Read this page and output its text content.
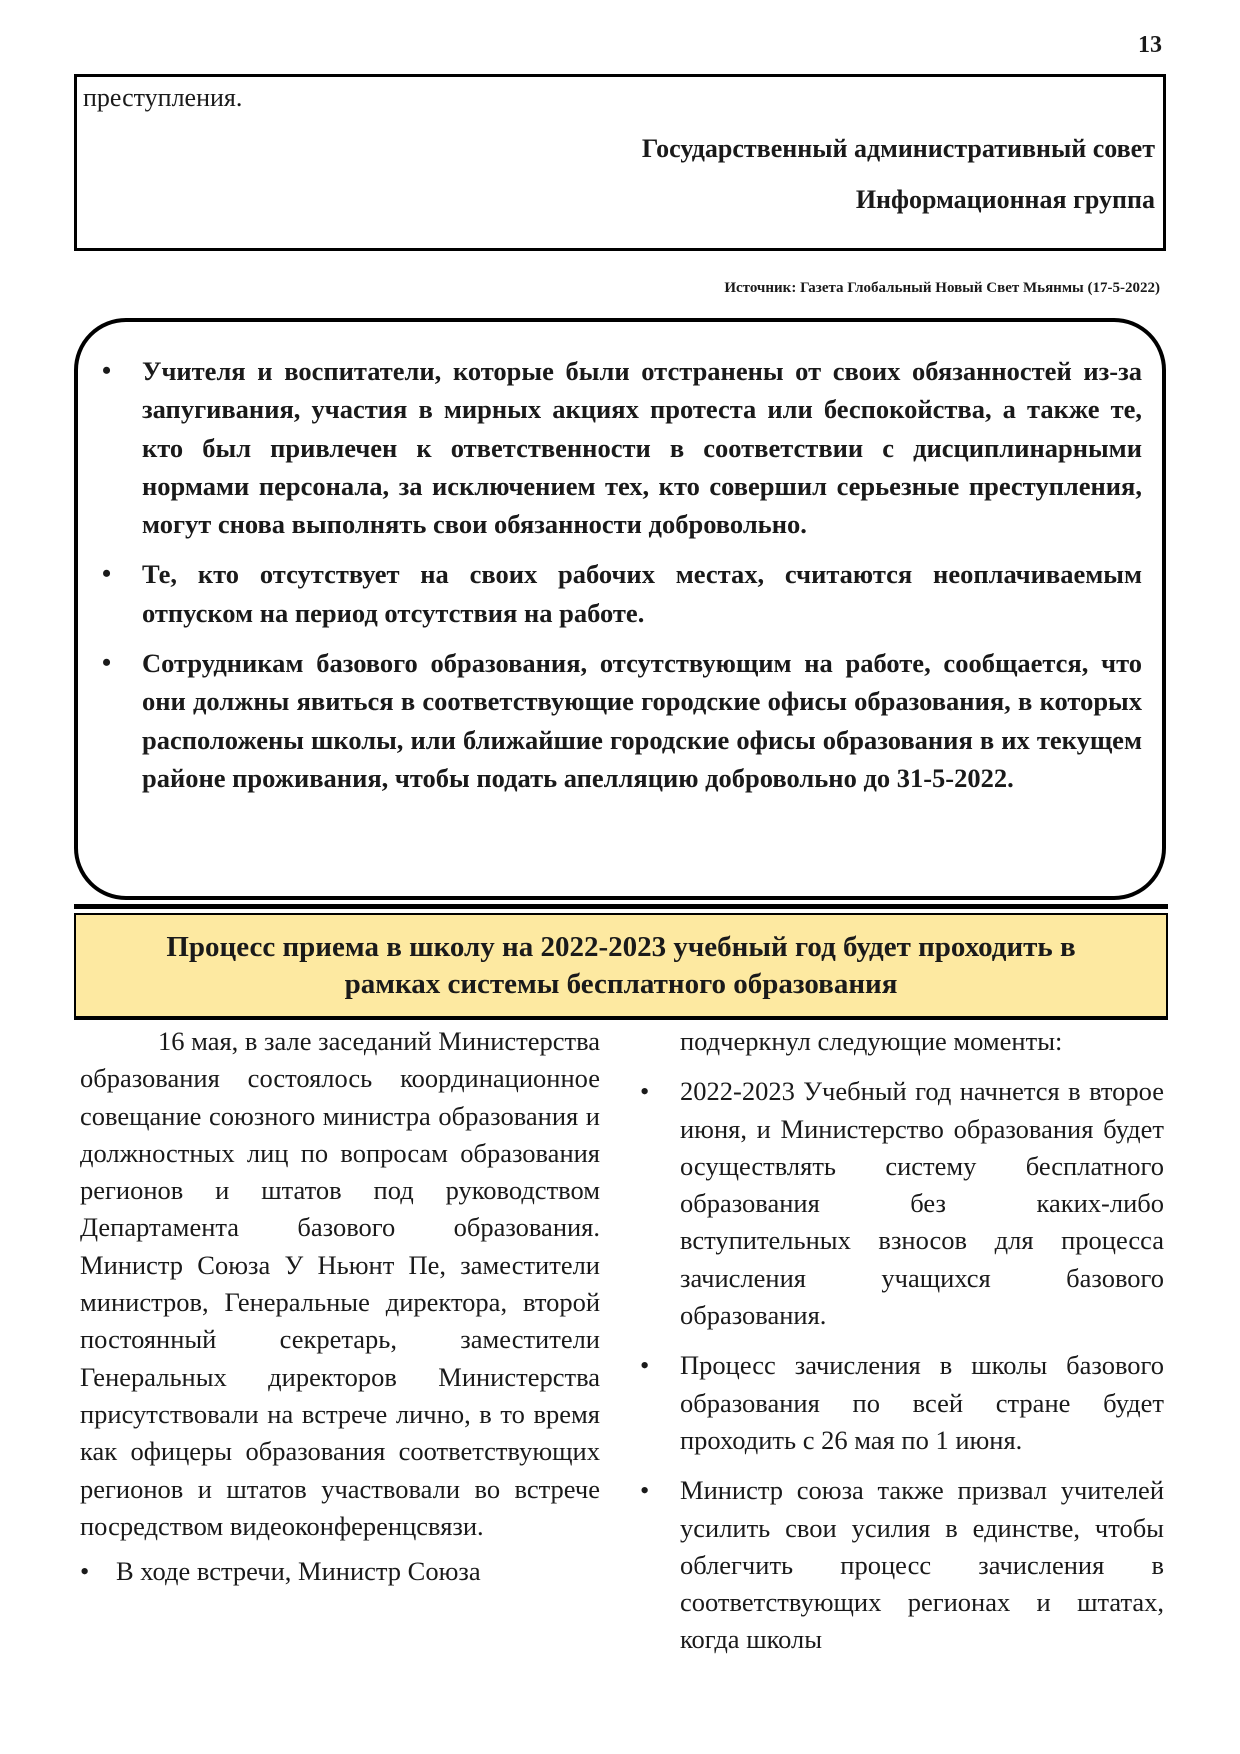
13
преступления.
Государственный административный совет
Информационная группа
Источник: Газета Глобальный Новый Свет Мьянмы (17-5-2022)
• Учителя и воспитатели, которые были отстранены от своих обязанностей из-за запугивания, участия в мирных акциях протеста или беспокойства, а также те, кто был привлечен к ответственности в соответствии с дисциплинарными нормами персонала, за исключением тех, кто совершил серьезные преступления, могут снова выполнять свои обязанности добровольно.
• Те, кто отсутствует на своих рабочих местах, считаются неоплачиваемым отпуском на период отсутствия на работе.
• Сотрудникам базового образования, отсутствующим на работе, сообщается, что они должны явиться в соответствующие городские офисы образования, в которых расположены школы, или ближайшие городские офисы образования в их текущем районе проживания, чтобы подать апелляцию добровольно до 31-5-2022.
Процесс приема в школу на 2022-2023 учебный год будет проходить в рамках системы бесплатного образования

16 мая, в зале заседаний Министерства образования состоялось координационное совещание союзного министра образования и должностных лиц по вопросам образования регионов и штатов под руководством Департамента базового образования. Министр Союза У Ньюнт Пе, заместители министров, Генеральные директора, второй постоянный секретарь, заместители Генеральных директоров Министерства присутствовали на встрече лично, в то время как офицеры образования соответствующих регионов и штатов участвовали во встрече посредством видеоконференцсвязи.

• В ходе встречи, Министр Союза

подчеркнул следующие моменты:

• 2022-2023 Учебный год начнется в второе июня, и Министерство образования будет осуществлять систему бесплатного образования без каких-либо вступительных взносов для процесса зачисления учащихся базового образования.
• Процесс зачисления в школы базового образования по всей стране будет проходить с 26 мая по 1 июня.
• Министр союза также призвал учителей усилить свои усилия в единстве, чтобы облегчить процесс зачисления в соответствующих регионах и штатах, когда школы
